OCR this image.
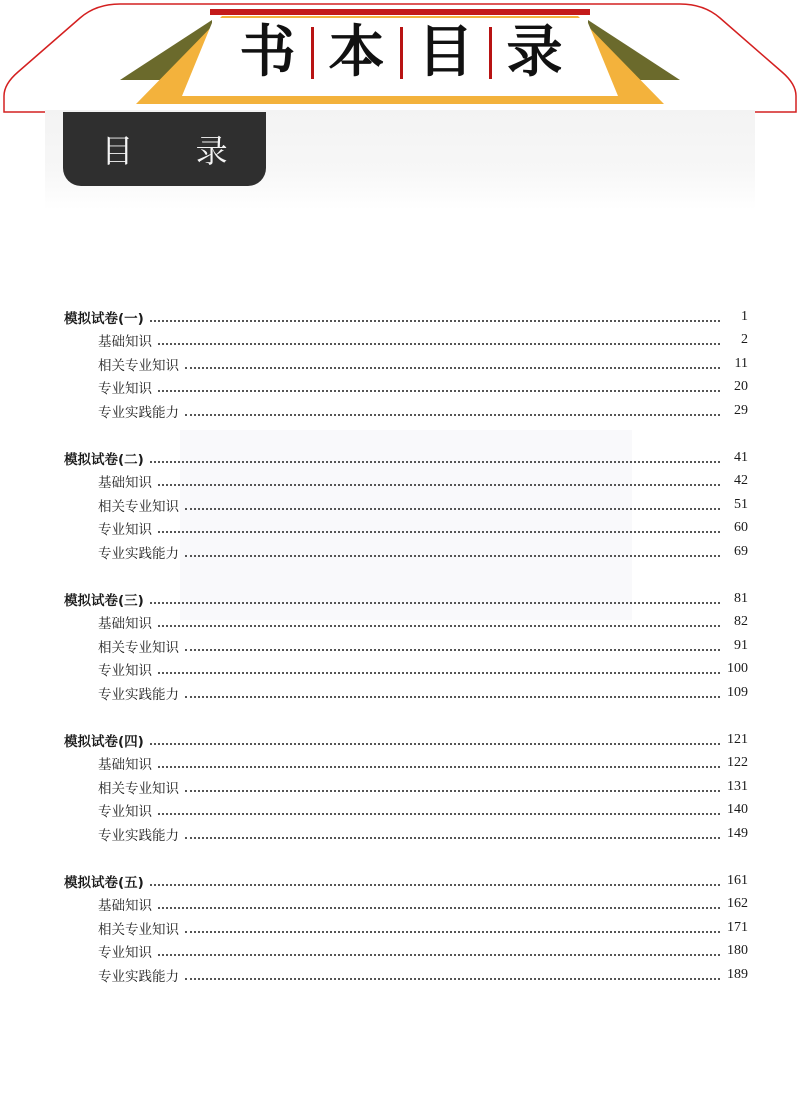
书 本 目 录
目 录
模拟试卷(一)	1
基础知识	2
相关专业知识	11
专业知识	20
专业实践能力	29
模拟试卷(二)	41
基础知识	42
相关专业知识	51
专业知识	60
专业实践能力	69
模拟试卷(三)	81
基础知识	82
相关专业知识	91
专业知识	100
专业实践能力	109
模拟试卷(四)	121
基础知识	122
相关专业知识	131
专业知识	140
专业实践能力	149
模拟试卷(五)	161
基础知识	162
相关专业知识	171
专业知识	180
专业实践能力	189
